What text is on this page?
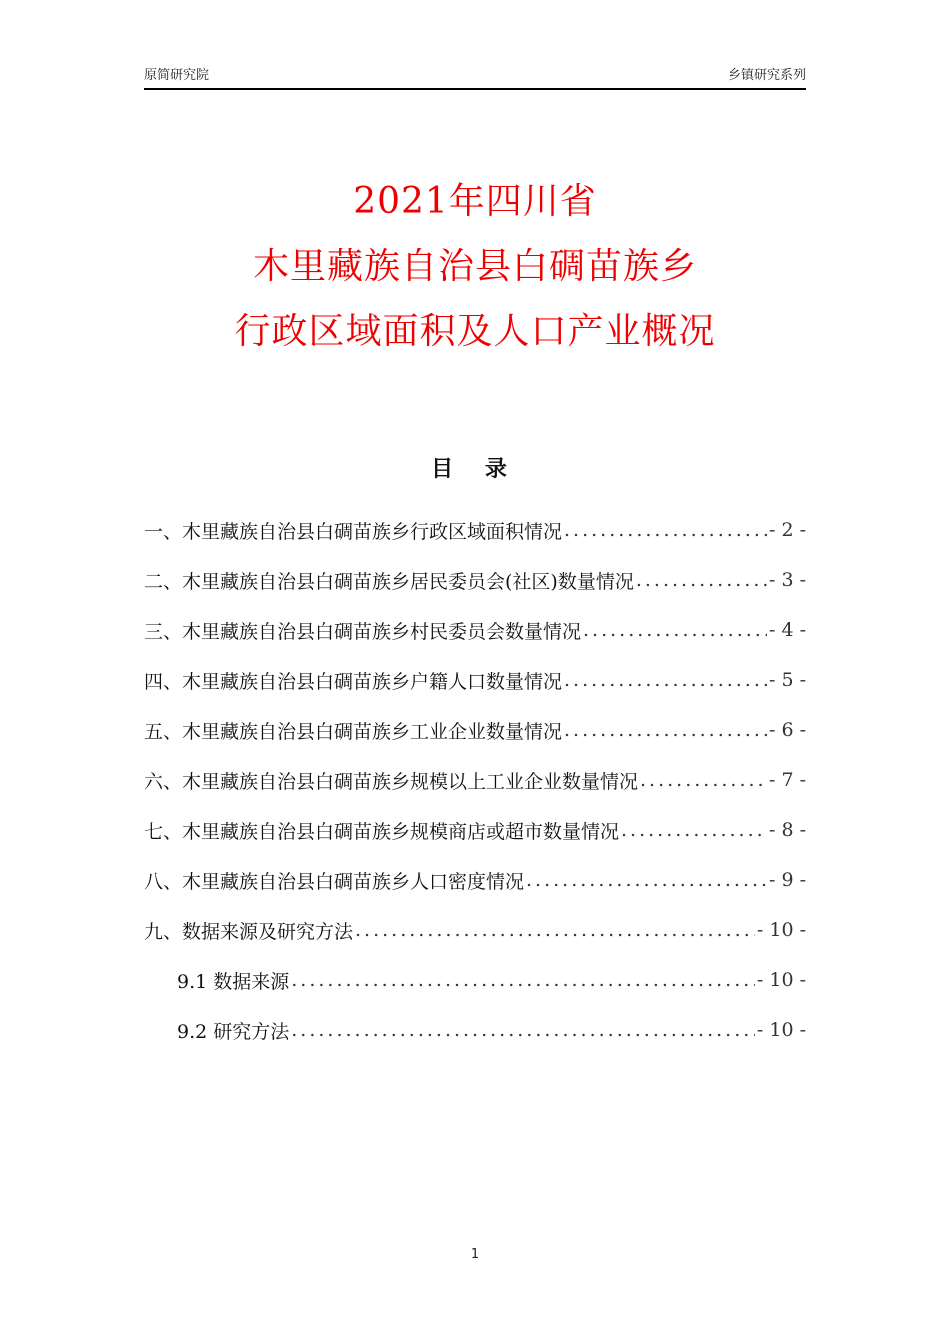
原简研究院	乡镇研究系列
2021年四川省
木里藏族自治县白碉苗族乡
行政区域面积及人口产业概况
目 录
一、木里藏族自治县白碉苗族乡行政区域面积情况 .....	- 2 -
二、木里藏族自治县白碉苗族乡居民委员会(社区)数量情况 .....	- 3 -
三、木里藏族自治县白碉苗族乡村民委员会数量情况 .....	- 4 -
四、木里藏族自治县白碉苗族乡户籍人口数量情况 .....	- 5 -
五、木里藏族自治县白碉苗族乡工业企业数量情况 .....	- 6 -
六、木里藏族自治县白碉苗族乡规模以上工业企业数量情况 .....	- 7 -
七、木里藏族自治县白碉苗族乡规模商店或超市数量情况 .....	- 8 -
八、木里藏族自治县白碉苗族乡人口密度情况 .....	- 9 -
九、数据来源及研究方法 .....	- 10 -
9.1 数据来源 .....	- 10 -
9.2 研究方法 .....	- 10 -
1
